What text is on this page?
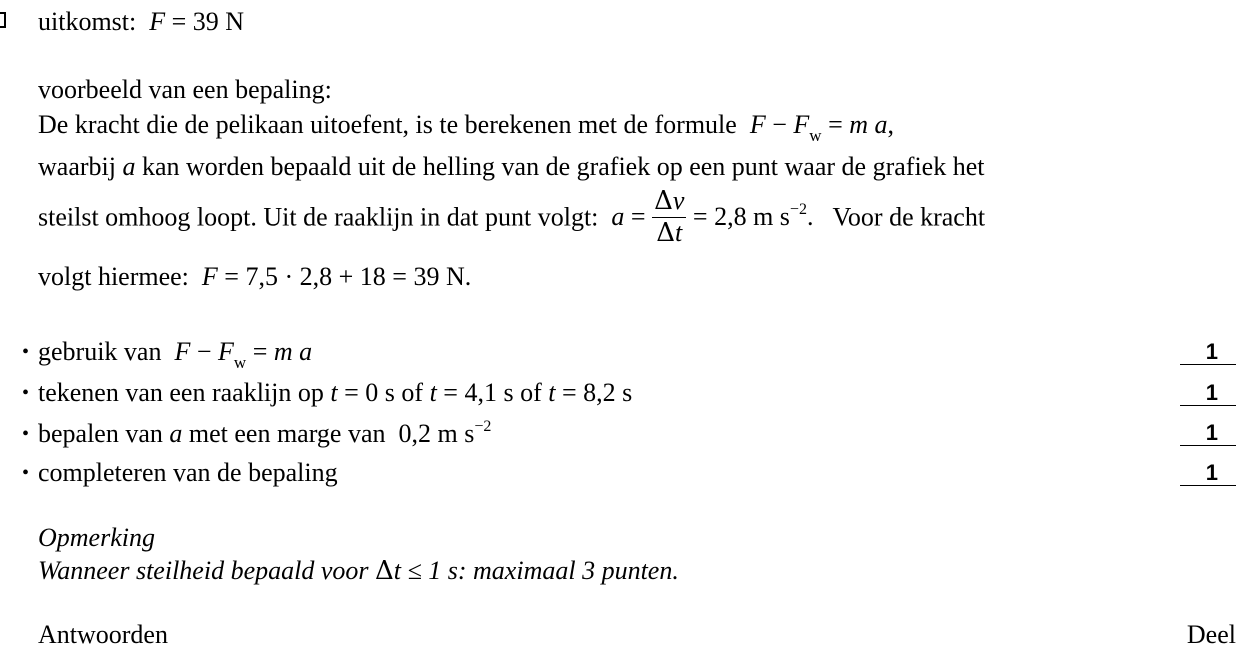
uitkomst: F = 39 N
voorbeeld van een bepaling:
De kracht die de pelikaan uitoefent, is te berekenen met de formule $F - F_w = m$ a,
waarbij a kan worden bepaald uit de helling van de grafiek op een punt waar de grafiek het
steilst omhoog loopt. Uit de raaklijn in dat punt volgt: $a = \frac{\Delta v}{\Delta t} = 2,8$ m $s^{-2}$.   Voor de kracht
volgt hiermee: F = 7,5 · 2,8 + 18 = 39 N.
• gebruik van  $F - F_w = m$ a	1
• tekenen van een raaklijn op t = 0 s of t = 4,1 s of t = 8,2 s	1
• bepalen van a met een marge van  0,2 m $s^{-2}$	1
• completeren van de bepaling	1
Opmerking
Wanneer steilheid bepaald voor Δt ≤ 1 s: maximaal 3 punten.
Antwoorden	Deel
